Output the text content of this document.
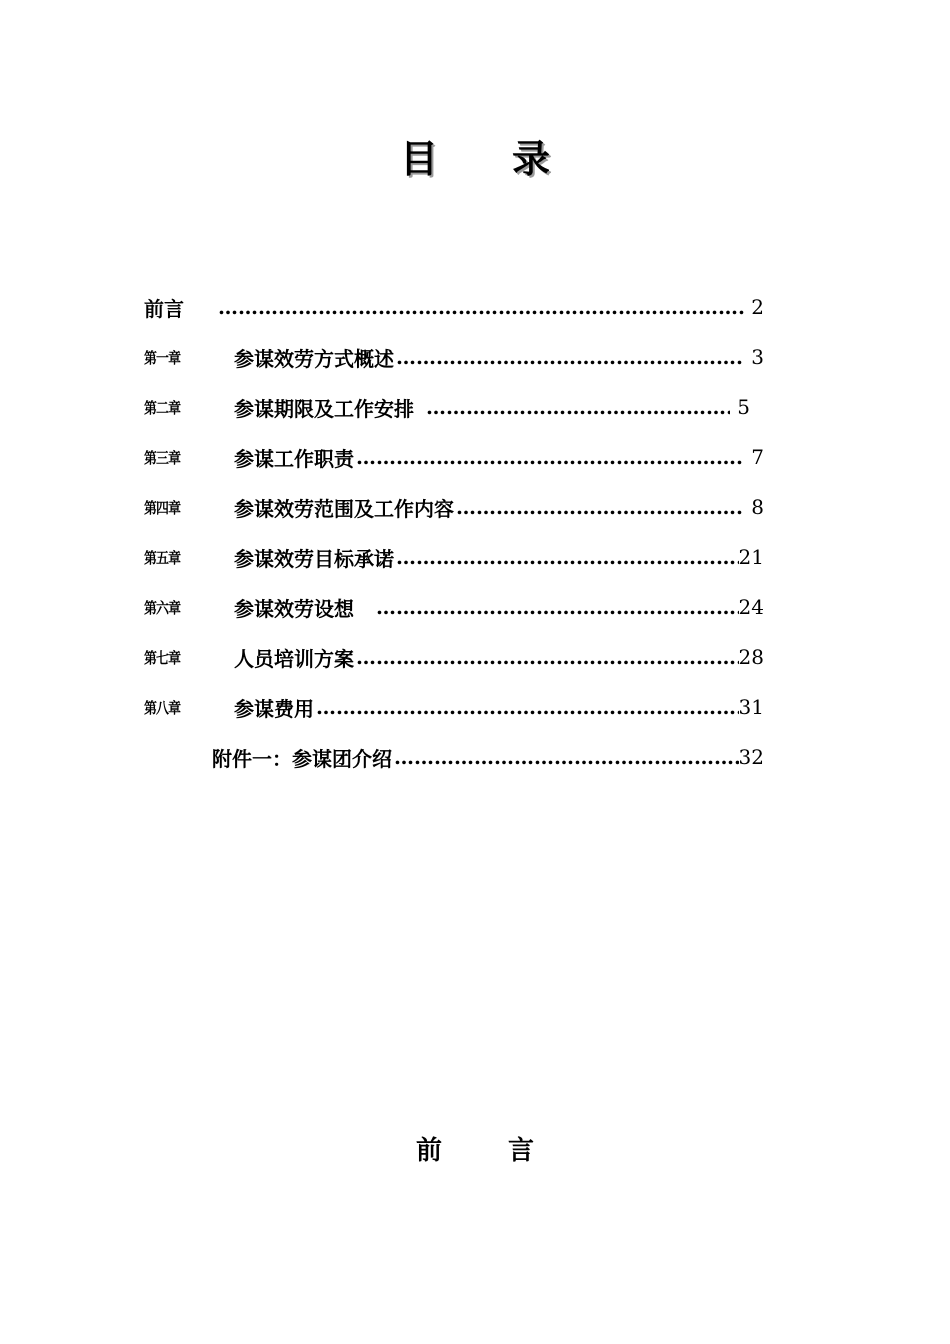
目 录
前言 ……………………………………………………………………………………………………………………	2
第一章	参谋效劳方式概述 ……………………………………………………………………………………………………………………	3
第二章	参谋期限及工作安排 ……………………………………………………………………………………………………………………	5
第三章	参谋工作职责 ……………………………………………………………………………………………………………………	7
第四章	参谋效劳范围及工作内容 ……………………………………………………………………………………………………………………	8
第五章	参谋效劳目标承诺 ……………………………………………………………………………………………………………………	21
第六章	参谋效劳设想 ……………………………………………………………………………………………………………………	24
第七章	人员培训方案 ……………………………………………………………………………………………………………………	28
第八章	参谋费用 ……………………………………………………………………………………………………………………	31
附件一：参谋团介绍 ……………………………………………………………………………………………………………………	32
前	言
